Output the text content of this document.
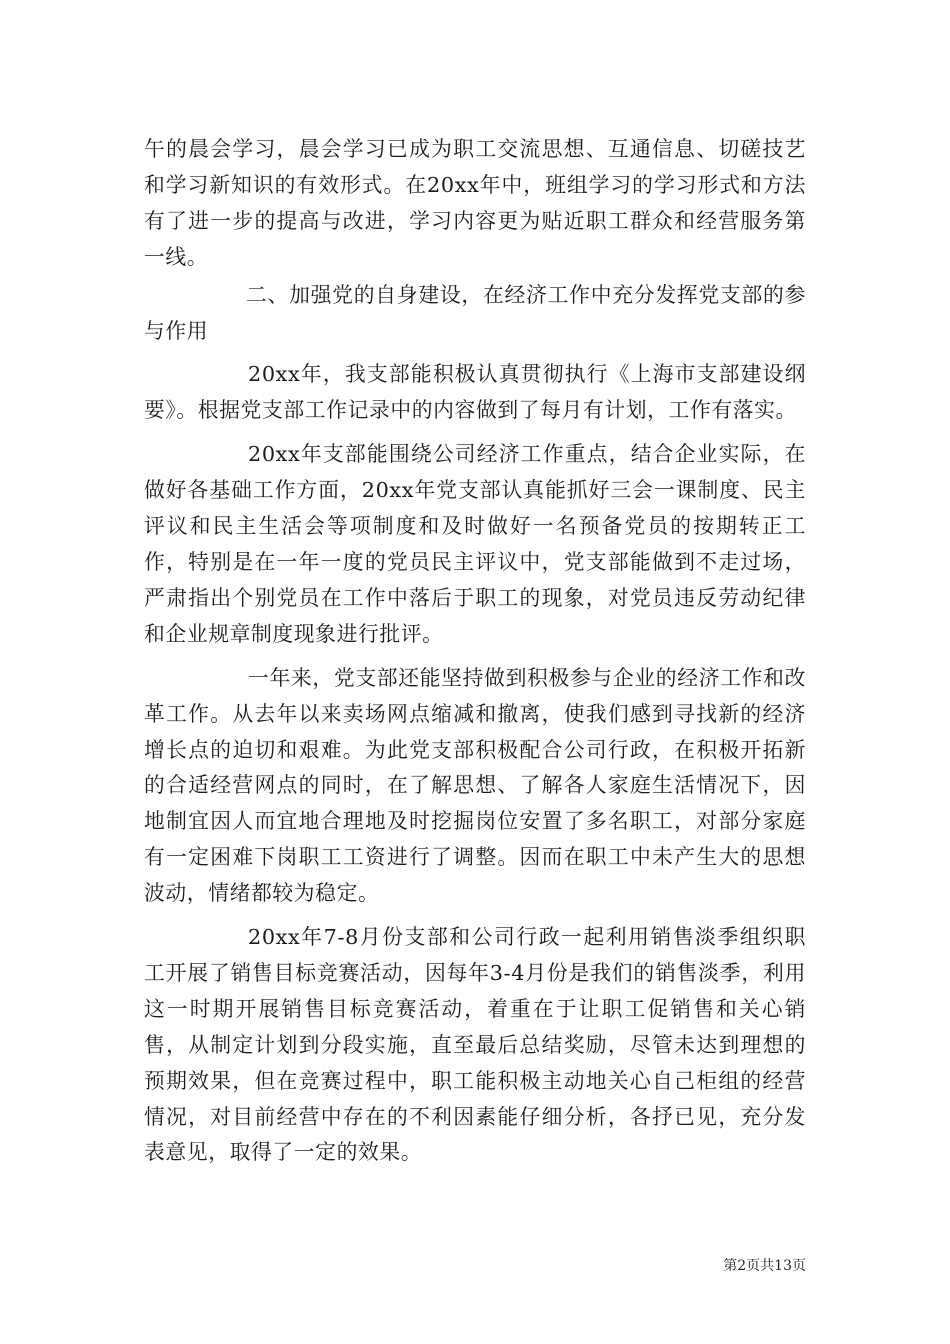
午的晨会学习，晨会学习已成为职工交流思想、互通信息、切磋技艺和学习新知识的有效形式。在20xx年中，班组学习的学习形式和方法有了进一步的提高与改进，学习内容更为贴近职工群众和经营服务第一线。

二、加强党的自身建设，在经济工作中充分发挥党支部的参与作用

20xx年，我支部能积极认真贯彻执行《上海市支部建设纲要》。根据党支部工作记录中的内容做到了每月有计划，工作有落实。

20xx年支部能围绕公司经济工作重点，结合企业实际，在做好各基础工作方面，20xx年党支部认真能抓好三会一课制度、民主评议和民主生活会等项制度和及时做好一名预备党员的按期转正工作，特别是在一年一度的党员民主评议中，党支部能做到不走过场，严肃指出个别党员在工作中落后于职工的现象，对党员违反劳动纪律和企业规章制度现象进行批评。

一年来，党支部还能坚持做到积极参与企业的经济工作和改革工作。从去年以来卖场网点缩减和撤离，使我们感到寻找新的经济增长点的迫切和艰难。为此党支部积极配合公司行政，在积极开拓新的合适经营网点的同时，在了解思想、了解各人家庭生活情况下，因地制宜因人而宜地合理地及时挖掘岗位安置了多名职工，对部分家庭有一定困难下岗职工工资进行了调整。因而在职工中未产生大的思想波动，情绪都较为稳定。

20xx年7-8月份支部和公司行政一起利用销售淡季组织职工开展了销售目标竞赛活动，因每年3-4月份是我们的销售淡季，利用这一时期开展销售目标竞赛活动，着重在于让职工促销售和关心销售，从制定计划到分段实施，直至最后总结奖励，尽管未达到理想的预期效果，但在竞赛过程中，职工能积极主动地关心自己柜组的经营情况，对目前经营中存在的不利因素能仔细分析，各抒已见，充分发表意见，取得了一定的效果。

第2页共13页
